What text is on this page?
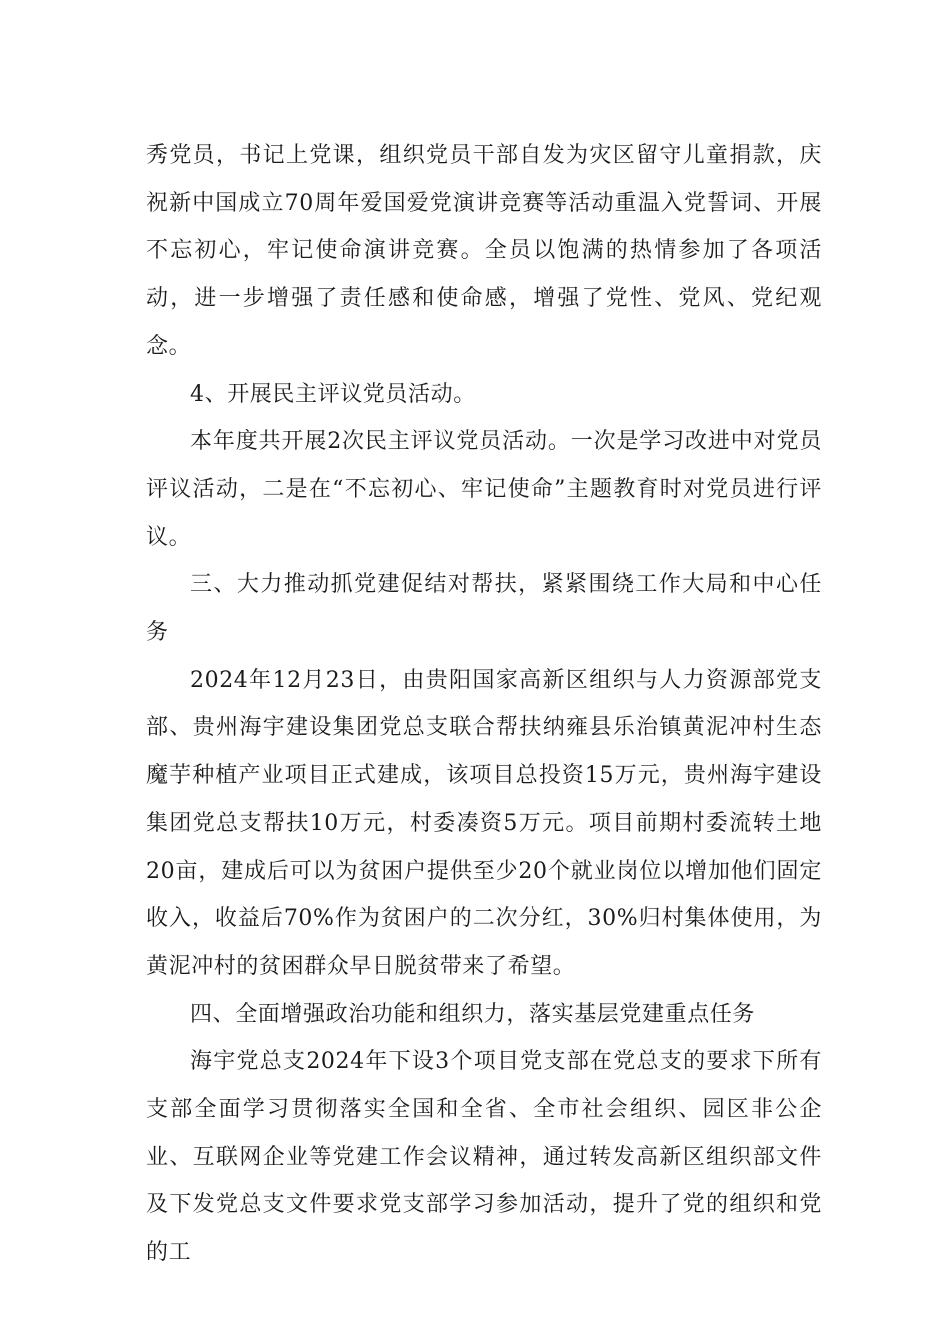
秀党员，书记上党课，组织党员干部自发为灾区留守儿童捐款，庆祝新中国成立70周年爱国爱党演讲竞赛等活动重温入党誓词、开展不忘初心，牢记使命演讲竞赛。全员以饱满的热情参加了各项活动，进一步增强了责任感和使命感，增强了党性、党风、党纪观念。

4、开展民主评议党员活动。

本年度共开展2次民主评议党员活动。一次是学习改进中对党员评议活动，二是在“不忘初心、牢记使命”主题教育时对党员进行评议。

三、大力推动抓党建促结对帮扶，紧紧围绕工作大局和中心任务

2024年12月23日，由贵阳国家高新区组织与人力资源部党支部、贵州海宇建设集团党总支联合帮扶纳雍县乐治镇黄泥冲村生态魔芋种植产业项目正式建成，该项目总投资15万元，贵州海宇建设集团党总支帮扶10万元，村委凑资5万元。项目前期村委流转土地20亩，建成后可以为贫困户提供至少20个就业岗位以增加他们固定收入，收益后70%作为贫困户的二次分红，30%归村集体使用，为黄泥冲村的贫困群众早日脱贫带来了希望。

四、全面增强政治功能和组织力，落实基层党建重点任务

海宇党总支2024年下设3个项目党支部在党总支的要求下所有支部全面学习贯彻落实全国和全省、全市社会组织、园区非公企业、互联网企业等党建工作会议精神，通过转发高新区组织部文件及下发党总支文件要求党支部学习参加活动，提升了党的组织和党的工
